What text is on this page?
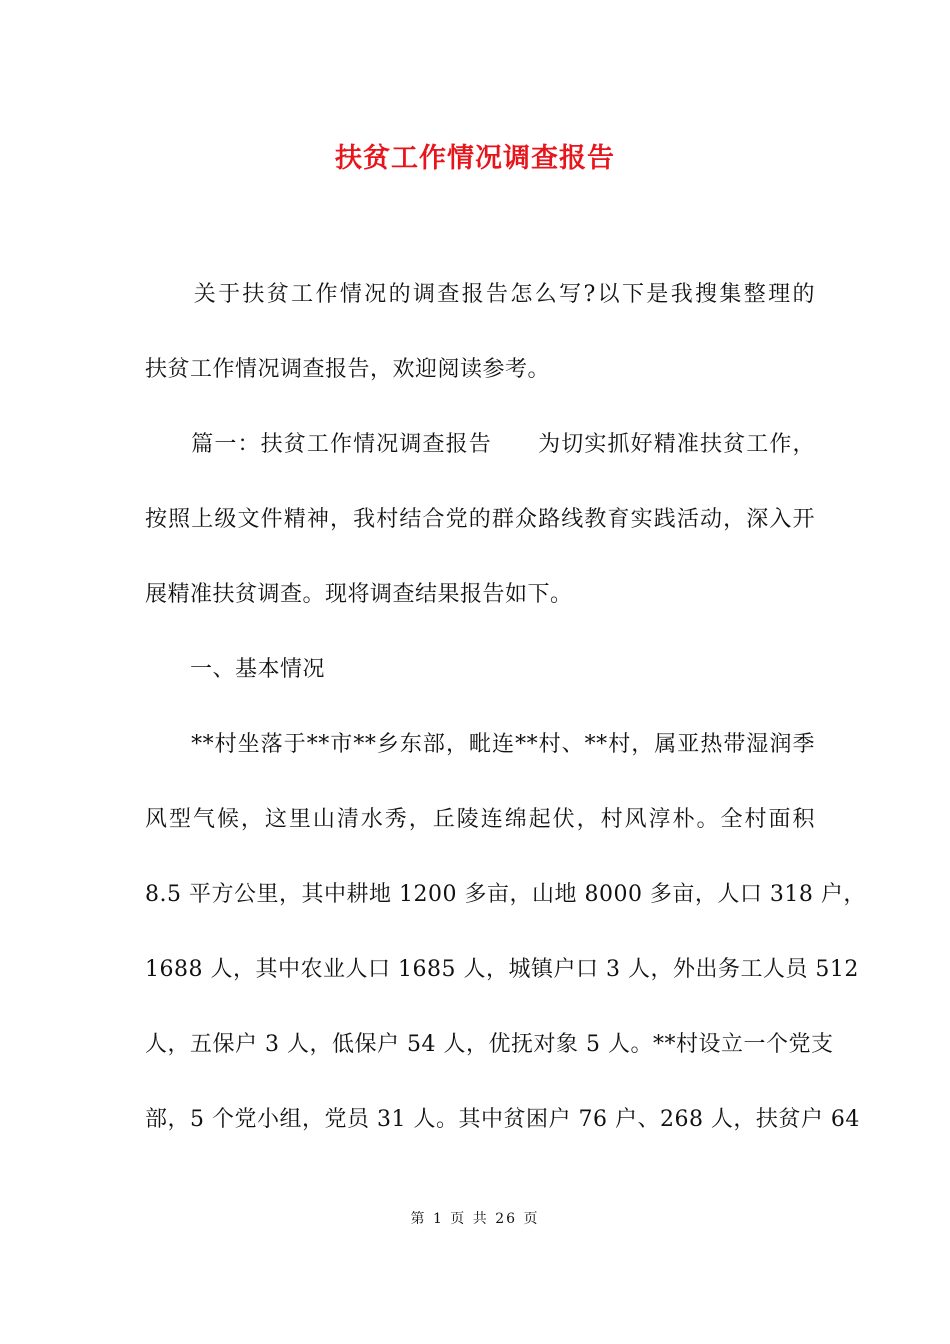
扶贫工作情况调查报告
　　关于扶贫工作情况的调查报告怎么写?以下是我搜集整理的
扶贫工作情况调查报告，欢迎阅读参考。
　　篇一：扶贫工作情况调查报告　　为切实抓好精准扶贫工作，
按照上级文件精神，我村结合党的群众路线教育实践活动，深入开
展精准扶贫调查。现将调查结果报告如下。
　　一、基本情况
　　**村坐落于**市**乡东部，毗连**村、**村，属亚热带湿润季
风型气候，这里山清水秀，丘陵连绵起伏，村风淳朴。全村面积
8.5 平方公里，其中耕地 1200 多亩，山地 8000 多亩，人口 318 户，
1688 人，其中农业人口 1685 人，城镇户口 3 人，外出务工人员 512
人，五保户 3 人，低保户 54 人，优抚对象 5 人。**村设立一个党支
部，5 个党小组，党员 31 人。其中贫困户 76 户、268 人，扶贫户 64
第 1 页 共 26 页
